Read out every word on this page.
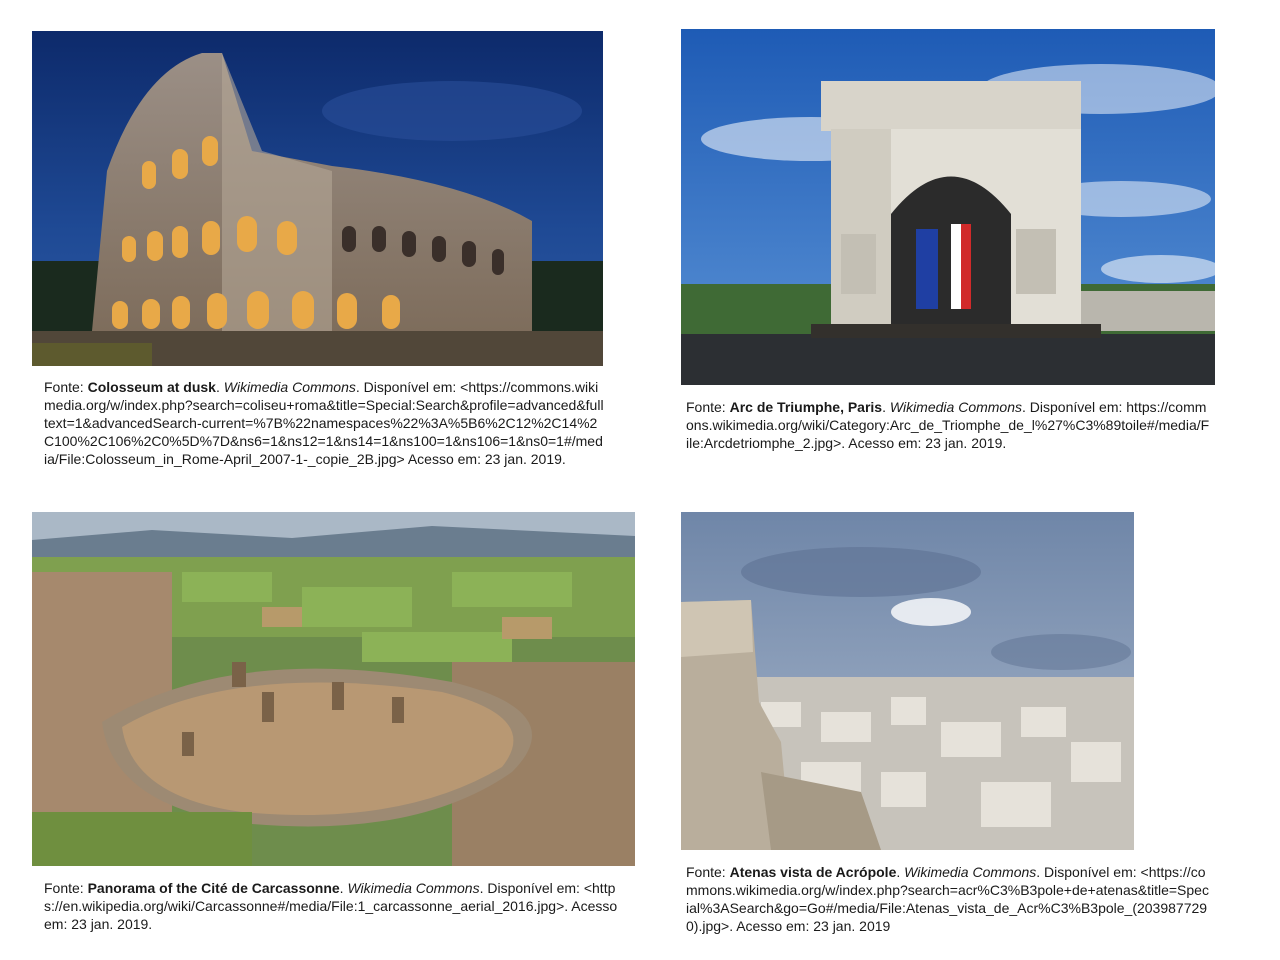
Fonte: Colosseum at dusk. Wikimedia Commons. Disponível em: <https://commons.wikimedia.org/w/index.php?search=coliseu+roma&title=Special:Search&profile=advanced&fulltext=1&advancedSearch-current=%7B%22namespaces%22%3A%5B6%2C12%2C14%2C100%2C106%2C0%5D%7D&ns6=1&ns12=1&ns14=1&ns100=1&ns106=1&ns0=1#/media/File:Colosseum_in_Rome-April_2007-1-_copie_2B.jpg> Acesso em: 23 jan. 2019.
Fonte: Arc de Triumphe, Paris. Wikimedia Commons. Disponível em: https://commons.wikimedia.org/wiki/Category:Arc_de_Triomphe_de_l%27%C3%89toile#/media/File:Arcdetriomphe_2.jpg>. Acesso em: 23 jan. 2019.
Fonte: Panorama of the Cité de Carcassonne. Wikimedia Commons. Disponível em: <https://en.wikipedia.org/wiki/Carcassonne#/media/File:1_carcassonne_aerial_2016.jpg>. Acesso em: 23 jan. 2019.
Fonte: Atenas vista de Acrópole. Wikimedia Commons. Disponível em: <https://commons.wikimedia.org/w/index.php?search=acr%C3%B3pole+de+atenas&title=Special%3ASearch&go=Go#/media/File:Atenas_vista_de_Acr%C3%B3pole_(2039877290).jpg>. Acesso em: 23 jan. 2019
